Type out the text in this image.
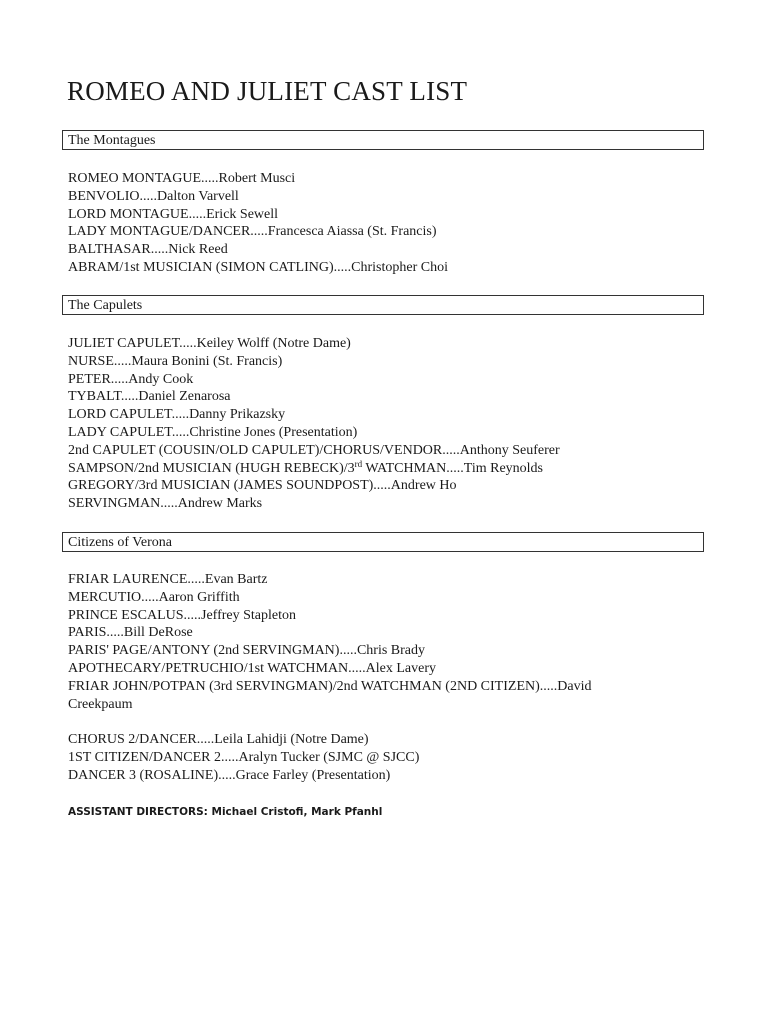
ROMEO AND JULIET CAST LIST
The Montagues
ROMEO MONTAGUE.....Robert Musci
BENVOLIO.....Dalton Varvell
LORD MONTAGUE.....Erick Sewell
LADY MONTAGUE/DANCER.....Francesca Aiassa (St. Francis)
BALTHASAR.....Nick Reed
ABRAM/1st MUSICIAN (SIMON CATLING).....Christopher Choi
The Capulets
JULIET CAPULET.....Keiley Wolff (Notre Dame)
NURSE.....Maura Bonini (St. Francis)
PETER.....Andy Cook
TYBALT.....Daniel Zenarosa
LORD CAPULET.....Danny Prikazsky
LADY CAPULET.....Christine Jones (Presentation)
2nd CAPULET (COUSIN/OLD CAPULET)/CHORUS/VENDOR.....Anthony Seuferer
SAMPSON/2nd MUSICIAN (HUGH REBECK)/3rd WATCHMAN.....Tim Reynolds
GREGORY/3rd MUSICIAN (JAMES SOUNDPOST).....Andrew Ho
SERVINGMAN.....Andrew Marks
Citizens of Verona
FRIAR LAURENCE.....Evan Bartz
MERCUTIO.....Aaron Griffith
PRINCE ESCALUS.....Jeffrey Stapleton
PARIS.....Bill DeRose
PARIS' PAGE/ANTONY (2nd SERVINGMAN).....Chris Brady
APOTHECARY/PETRUCHIO/1st WATCHMAN.....Alex Lavery
FRIAR JOHN/POTPAN (3rd SERVINGMAN)/2nd WATCHMAN (2ND CITIZEN).....David Creekpaum
CHORUS 2/DANCER.....Leila Lahidji (Notre Dame)
1ST CITIZEN/DANCER 2.....Aralyn Tucker (SJMC @ SJCC)
DANCER 3 (ROSALINE).....Grace Farley (Presentation)
ASSISTANT DIRECTORS: Michael Cristofi, Mark Pfanhl
